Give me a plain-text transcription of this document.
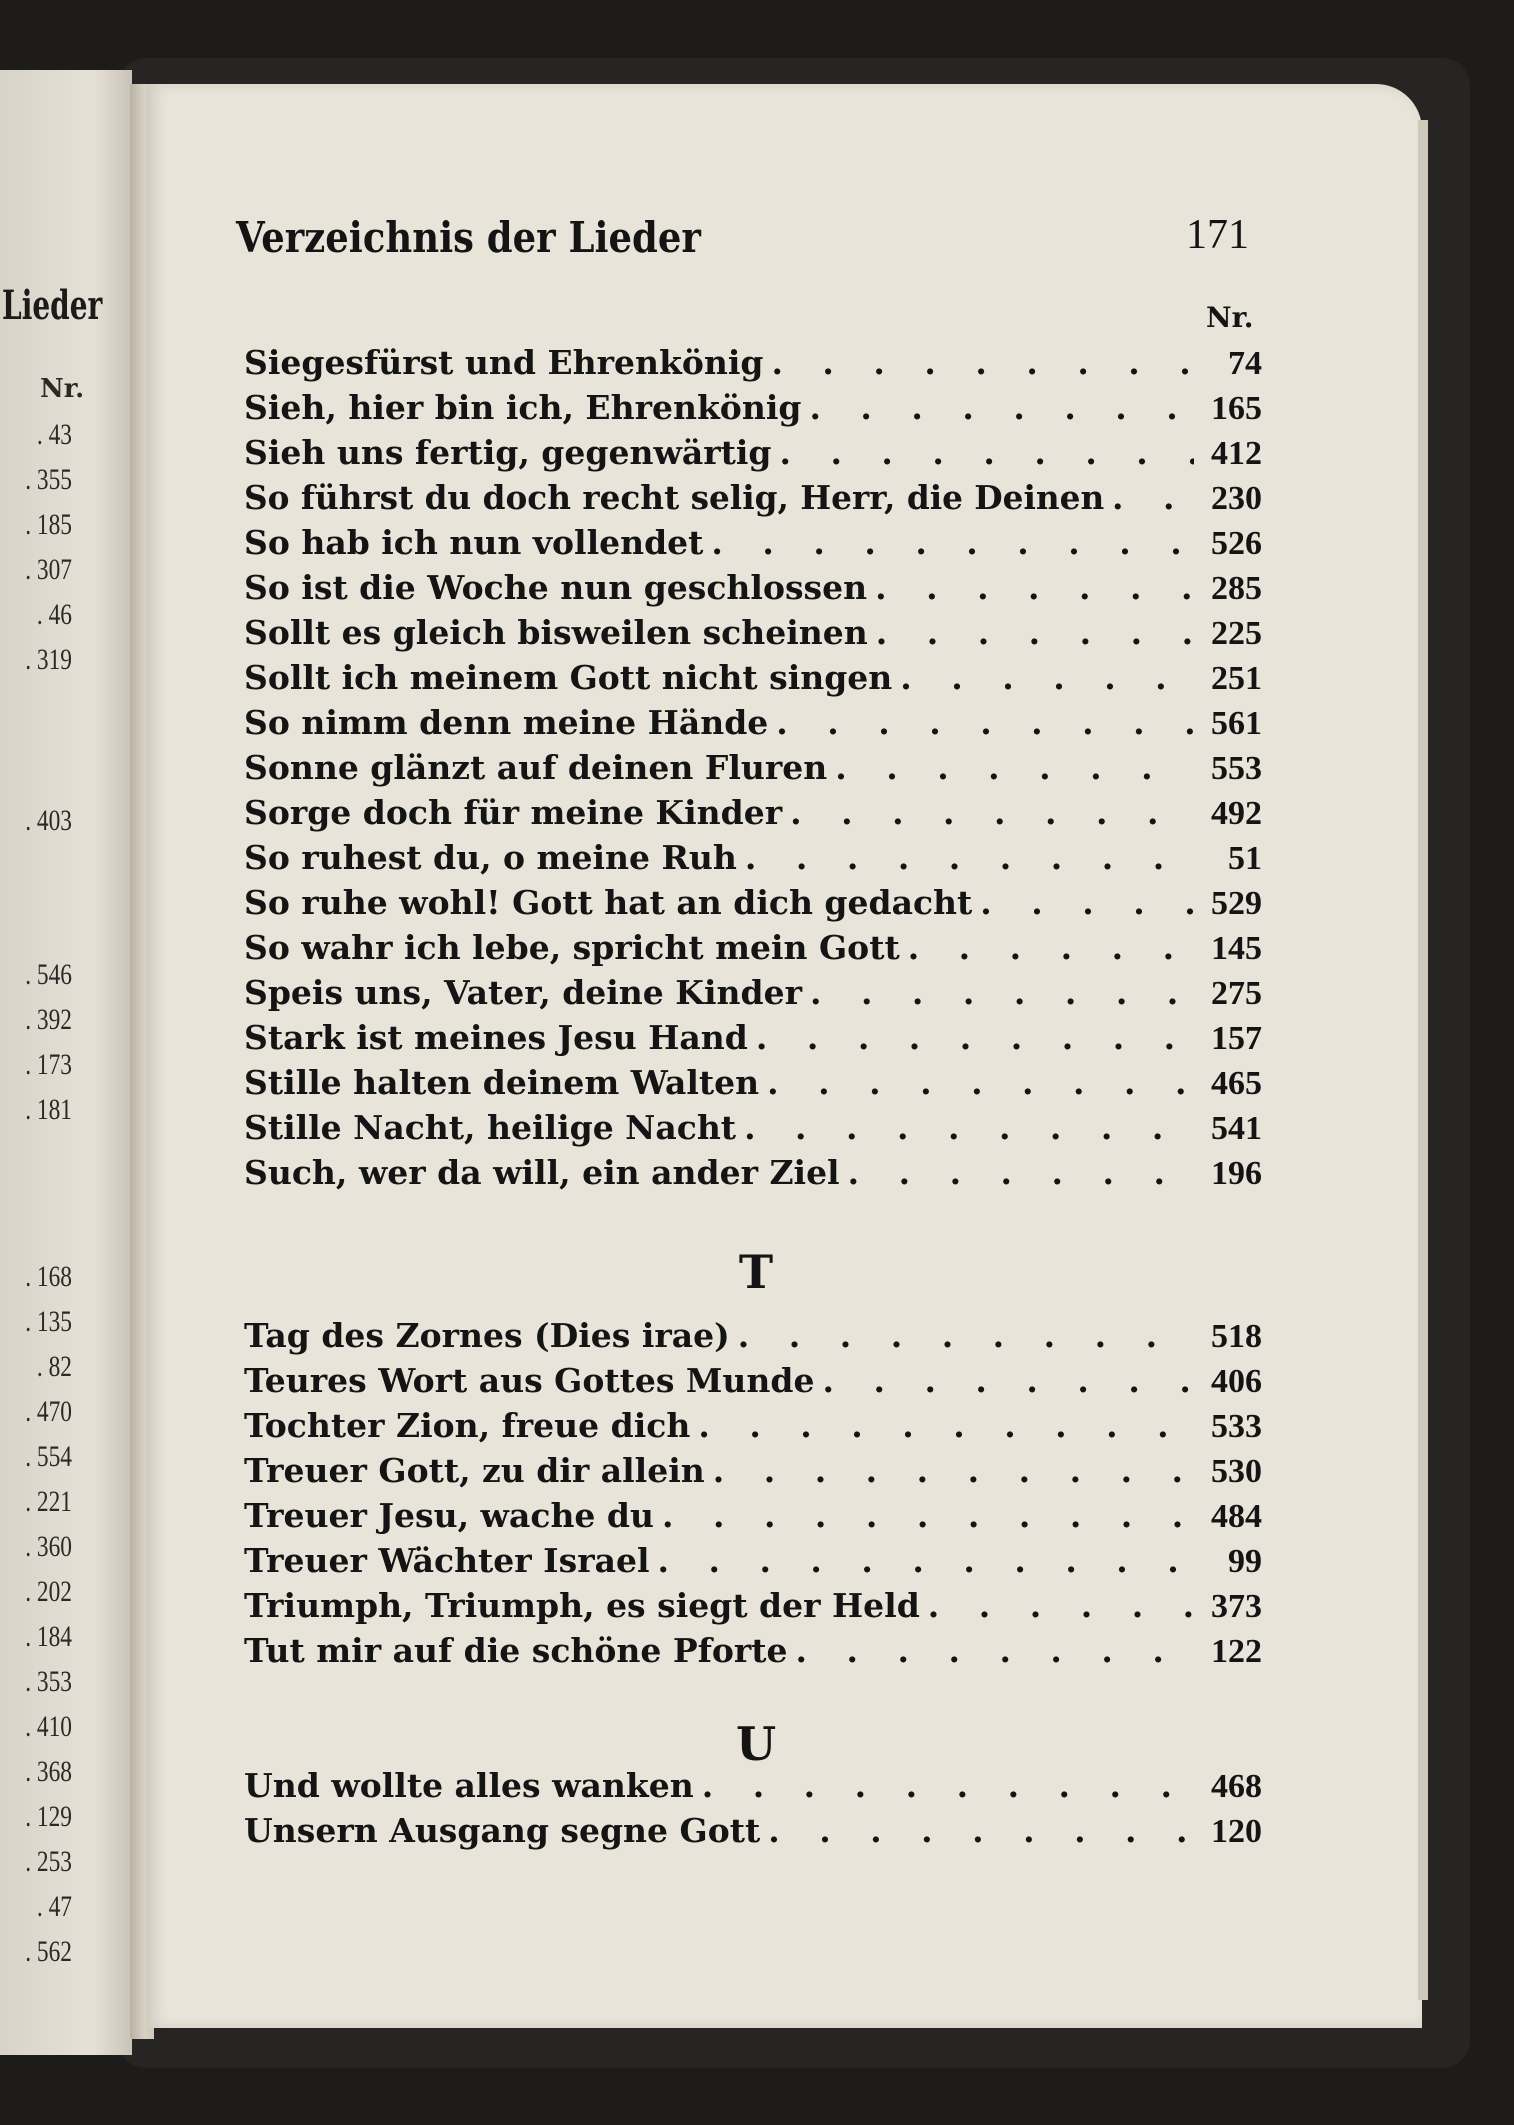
Lieder
Nr.
. 43
. 355
. 185
. 307
. 46
. 319
. 403
. 546
. 392
. 173
. 181
. 168
. 135
. 82
. 470
. 554
. 221
. 360
. 202
. 184
. 353
. 410
. 368
. 129
. 253
. 47
. 562
Verzeichnis der Lieder	171
Nr.
Siegesfürst und Ehrenkönig . . .	74
Sieh, hier bin ich, Ehrenkönig . . .	165
Sieh uns fertig, gegenwärtig . . .	412
So führst du doch recht selig, Herr, die Deinen . . .	230
So hab ich nun vollendet . . .	526
So ist die Woche nun geschlossen . . .	285
Sollt es gleich bisweilen scheinen . . .	225
Sollt ich meinem Gott nicht singen . . .	251
So nimm denn meine Hände . . .	561
Sonne glänzt auf deinen Fluren . . .	553
Sorge doch für meine Kinder . . .	492
So ruhest du, o meine Ruh . . .	51
So ruhe wohl! Gott hat an dich gedacht . . .	529
So wahr ich lebe, spricht mein Gott . . .	145
Speis uns, Vater, deine Kinder . . .	275
Stark ist meines Jesu Hand . . .	157
Stille halten deinem Walten . . .	465
Stille Nacht, heilige Nacht . . .	541
Such, wer da will, ein ander Ziel . . .	196
T
Tag des Zornes (Dies irae) . . .	518
Teures Wort aus Gottes Munde . . .	406
Tochter Zion, freue dich . . .	533
Treuer Gott, zu dir allein . . .	530
Treuer Jesu, wache du . . .	484
Treuer Wächter Israel . . .	99
Triumph, Triumph, es siegt der Held . . .	373
Tut mir auf die schöne Pforte . . .	122
U
Und wollte alles wanken . . .	468
Unsern Ausgang segne Gott . . .	120
